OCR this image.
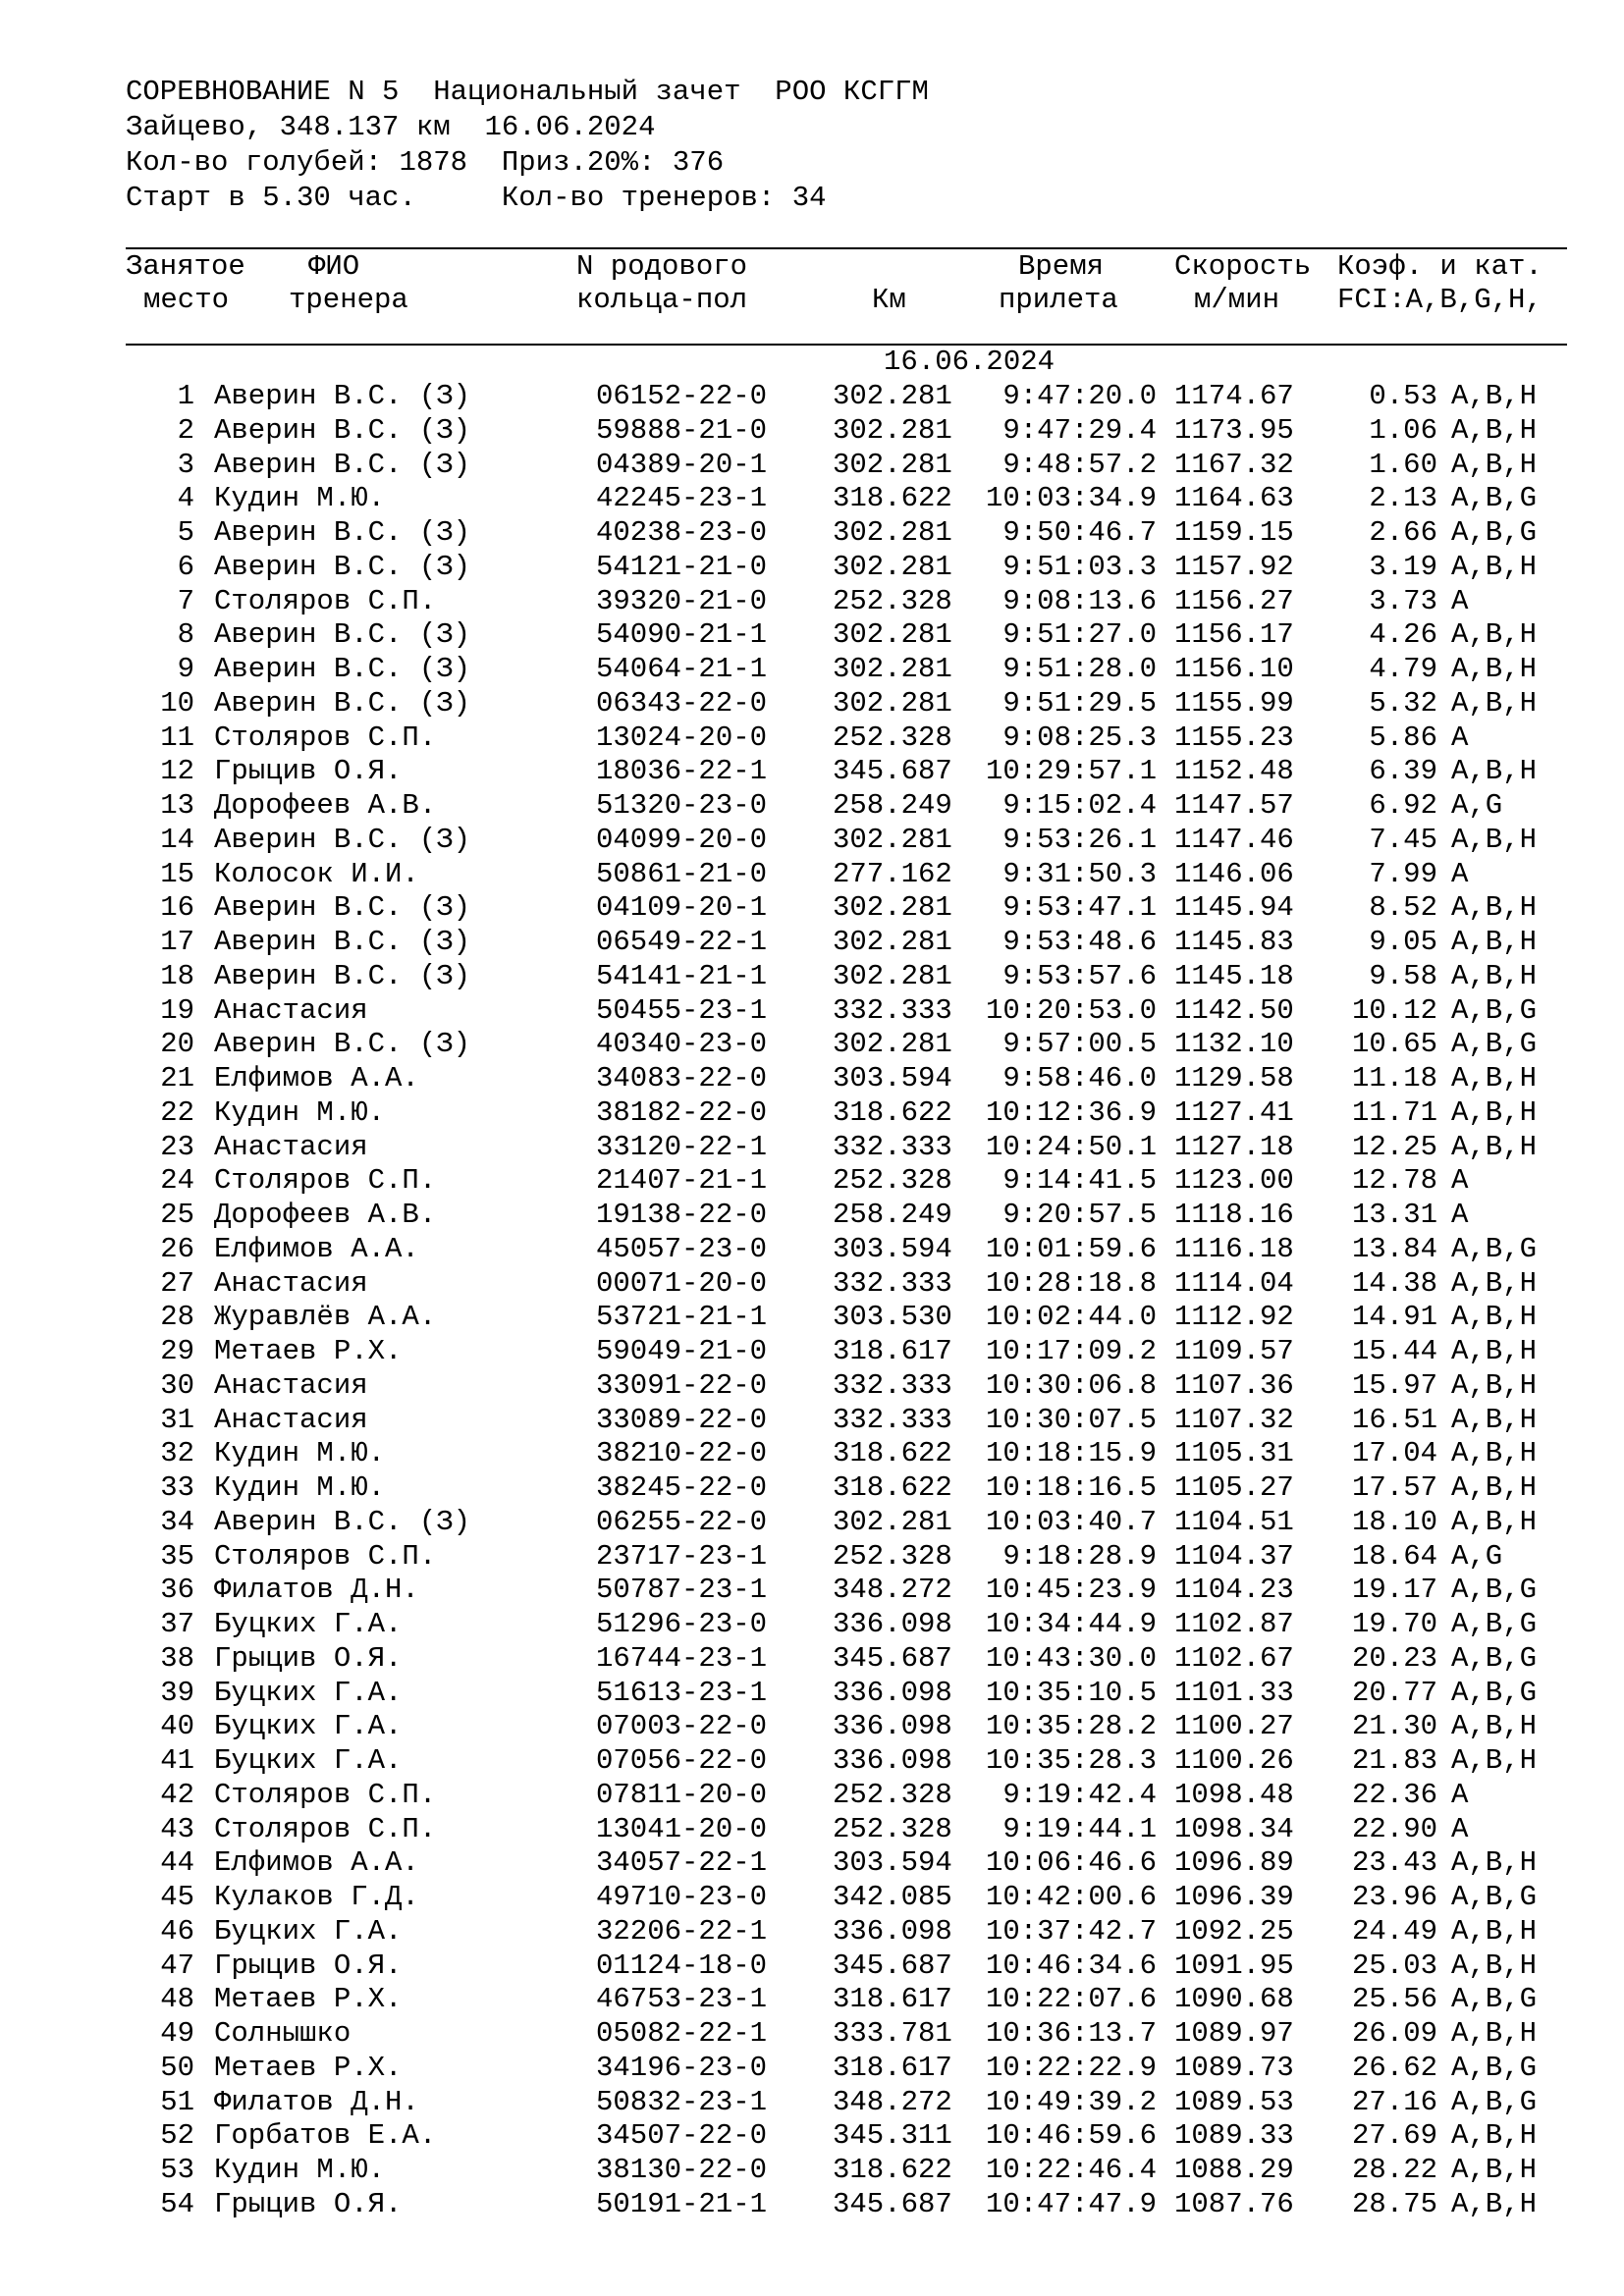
СОРЕВНОВАНИЕ N 5  Национальный зачет  РОО КСГГМ
Зайцево, 348.137 км  16.06.2024
Кол-во голубей: 1878  Приз.20%: 376
Старт в 5.30 час.     Кол-во тренеров: 34
Занятое
место
ФИО
тренера
N родового
кольца-пол	Км
Время
прилета
Скорость
м/мин
Коэф. и кат.
FCI:A,B,G,H,
16.06.2024
1 Аверин В.С. (З)	06152-22-0 302.281	9:47:20.0 1174.67	0.53 A,B,H
2 Аверин В.С. (З)	59888-21-0 302.281	9:47:29.4 1173.95	1.06 A,B,H
3 Аверин В.С. (З)	04389-20-1 302.281	9:48:57.2 1167.32	1.60 A,B,H
4 Кудин М.Ю.	42245-23-1 318.622	10:03:34.9 1164.63	2.13 A,B,G
5 Аверин В.С. (З)	40238-23-0 302.281	9:50:46.7 1159.15	2.66 A,B,G
6 Аверин В.С. (З)	54121-21-0 302.281	9:51:03.3 1157.92	3.19 A,B,H
7 Столяров С.П.	39320-21-0 252.328	9:08:13.6 1156.27	3.73 A
8 Аверин В.С. (З)	54090-21-1 302.281	9:51:27.0 1156.17	4.26 A,B,H
9 Аверин В.С. (З)	54064-21-1 302.281	9:51:28.0 1156.10	4.79 A,B,H
10 Аверин В.С. (З)	06343-22-0 302.281	9:51:29.5 1155.99	5.32 A,B,H
11 Столяров С.П.	13024-20-0 252.328	9:08:25.3 1155.23	5.86 A
12 Грыцив О.Я.	18036-22-1 345.687	10:29:57.1 1152.48	6.39 A,B,H
13 Дорофеев А.В.	51320-23-0 258.249	9:15:02.4 1147.57	6.92 A,G
14 Аверин В.С. (З)	04099-20-0 302.281	9:53:26.1 1147.46	7.45 A,B,H
15 Колосок И.И.	50861-21-0 277.162	9:31:50.3 1146.06	7.99 A
16 Аверин В.С. (З)	04109-20-1 302.281	9:53:47.1 1145.94	8.52 A,B,H
17 Аверин В.С. (З)	06549-22-1 302.281	9:53:48.6 1145.83	9.05 A,B,H
18 Аверин В.С. (З)	54141-21-1 302.281	9:53:57.6 1145.18	9.58 A,B,H
19 Анастасия	50455-23-1 332.333	10:20:53.0 1142.50	10.12 A,B,G
20 Аверин В.С. (З)	40340-23-0 302.281	9:57:00.5 1132.10	10.65 A,B,G
21 Елфимов А.А.	34083-22-0 303.594	9:58:46.0 1129.58	11.18 A,B,H
22 Кудин М.Ю.	38182-22-0 318.622	10:12:36.9 1127.41	11.71 A,B,H
23 Анастасия	33120-22-1 332.333	10:24:50.1 1127.18	12.25 A,B,H
24 Столяров С.П.	21407-21-1 252.328	9:14:41.5 1123.00	12.78 A
25 Дорофеев А.В.	19138-22-0 258.249	9:20:57.5 1118.16	13.31 A
26 Елфимов А.А.	45057-23-0 303.594	10:01:59.6 1116.18	13.84 A,B,G
27 Анастасия	00071-20-0 332.333	10:28:18.8 1114.04	14.38 A,B,H
28 Журавлёв А.А.	53721-21-1 303.530	10:02:44.0 1112.92	14.91 A,B,H
29 Метаев Р.Х.	59049-21-0 318.617	10:17:09.2 1109.57	15.44 A,B,H
30 Анастасия	33091-22-0 332.333	10:30:06.8 1107.36	15.97 A,B,H
31 Анастасия	33089-22-0 332.333	10:30:07.5 1107.32	16.51 A,B,H
32 Кудин М.Ю.	38210-22-0 318.622	10:18:15.9 1105.31	17.04 A,B,H
33 Кудин М.Ю.	38245-22-0 318.622	10:18:16.5 1105.27	17.57 A,B,H
34 Аверин В.С. (З)	06255-22-0 302.281	10:03:40.7 1104.51	18.10 A,B,H
35 Столяров С.П.	23717-23-1 252.328	9:18:28.9 1104.37	18.64 A,G
36 Филатов Д.Н.	50787-23-1 348.272	10:45:23.9 1104.23	19.17 A,B,G
37 Буцких Г.А.	51296-23-0 336.098	10:34:44.9 1102.87	19.70 A,B,G
38 Грыцив О.Я.	16744-23-1 345.687	10:43:30.0 1102.67	20.23 A,B,G
39 Буцких Г.А.	51613-23-1 336.098	10:35:10.5 1101.33	20.77 A,B,G
40 Буцких Г.А.	07003-22-0 336.098	10:35:28.2 1100.27	21.30 A,B,H
41 Буцких Г.А.	07056-22-0 336.098	10:35:28.3 1100.26	21.83 A,B,H
42 Столяров С.П.	07811-20-0 252.328	9:19:42.4 1098.48	22.36 A
43 Столяров С.П.	13041-20-0 252.328	9:19:44.1 1098.34	22.90 A
44 Елфимов А.А.	34057-22-1 303.594	10:06:46.6 1096.89	23.43 A,B,H
45 Кулаков Г.Д.	49710-23-0 342.085	10:42:00.6 1096.39	23.96 A,B,G
46 Буцких Г.А.	32206-22-1 336.098	10:37:42.7 1092.25	24.49 A,B,H
47 Грыцив О.Я.	01124-18-0 345.687	10:46:34.6 1091.95	25.03 A,B,H
48 Метаев Р.Х.	46753-23-1 318.617	10:22:07.6 1090.68	25.56 A,B,G
49 Солнышко	05082-22-1 333.781	10:36:13.7 1089.97	26.09 A,B,H
50 Метаев Р.Х.	34196-23-0 318.617	10:22:22.9 1089.73	26.62 A,B,G
51 Филатов Д.Н.	50832-23-1 348.272	10:49:39.2 1089.53	27.16 A,B,G
52 Горбатов Е.А.	34507-22-0 345.311	10:46:59.6 1089.33	27.69 A,B,H
53 Кудин М.Ю.	38130-22-0 318.622	10:22:46.4 1088.29	28.22 A,B,H
54 Грыцив О.Я.	50191-21-1 345.687	10:47:47.9 1087.76	28.75 A,B,H
